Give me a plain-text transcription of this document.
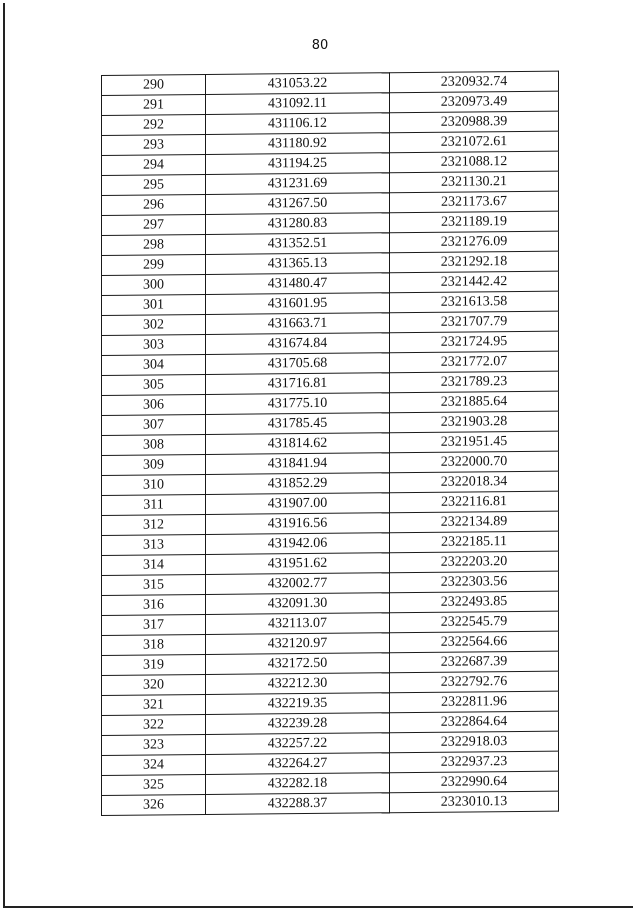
80
290	431053.22	2320932.74
291	431092.11	2320973.49
292	431106.12	2320988.39
293	431180.92	2321072.61
294	431194.25	2321088.12
295	431231.69	2321130.21
296	431267.50	2321173.67
297	431280.83	2321189.19
298	431352.51	2321276.09
299	431365.13	2321292.18
300	431480.47	2321442.42
301	431601.95	2321613.58
302	431663.71	2321707.79
303	431674.84	2321724.95
304	431705.68	2321772.07
305	431716.81	2321789.23
306	431775.10	2321885.64
307	431785.45	2321903.28
308	431814.62	2321951.45
309	431841.94	2322000.70
310	431852.29	2322018.34
311	431907.00	2322116.81
312	431916.56	2322134.89
313	431942.06	2322185.11
314	431951.62	2322203.20
315	432002.77	2322303.56
316	432091.30	2322493.85
317	432113.07	2322545.79
318	432120.97	2322564.66
319	432172.50	2322687.39
320	432212.30	2322792.76
321	432219.35	2322811.96
322	432239.28	2322864.64
323	432257.22	2322918.03
324	432264.27	2322937.23
325	432282.18	2322990.64
326	432288.37	2323010.13
